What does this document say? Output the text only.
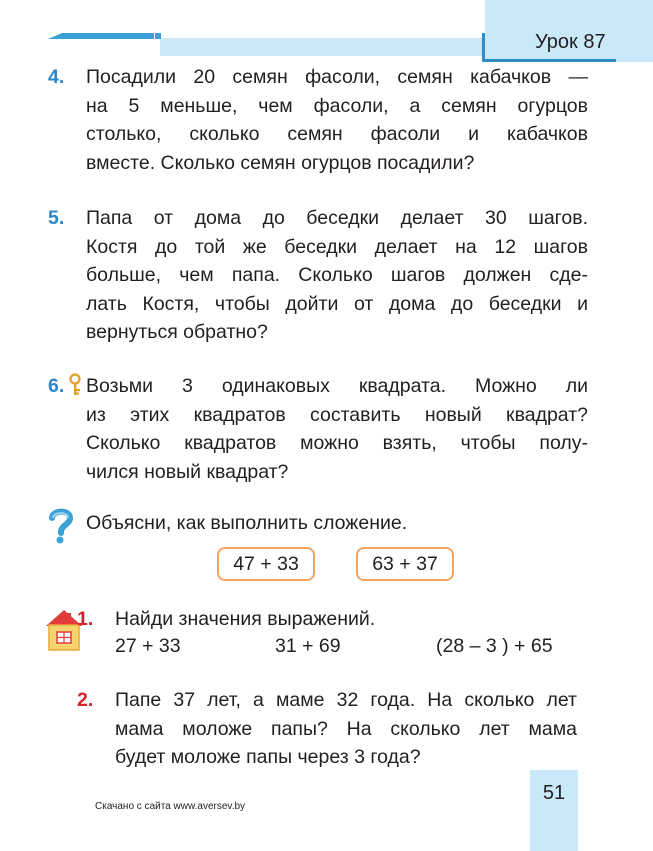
Урок 87
4. Посадили 20 семян фасоли, семян кабачков —
на 5 меньше, чем фасоли, а семян огурцов
столько, сколько семян фасоли и кабачков
вместе. Сколько семян огурцов посадили?
5. Папа от дома до беседки делает 30 шагов.
Костя до той же беседки делает на 12 шагов
больше, чем папа. Сколько шагов должен сде-
лать Костя, чтобы дойти от дома до беседки и
вернуться обратно?
6. Возьми 3 одинаковых квадрата. Можно ли
из этих квадратов составить новый квадрат?
Сколько квадратов можно взять, чтобы полу-
чился новый квадрат?
Объясни, как выполнить сложение.
47 + 33	63 + 37
1. Найди значения выражений.
27 + 33	31 + 69	(28 – 3 ) + 65
2. Папе 37 лет, а маме 32 года. На сколько лет
мама моложе папы? На сколько лет мама
будет моложе папы через 3 года?
Скачано с сайта www.aversev.by
51
